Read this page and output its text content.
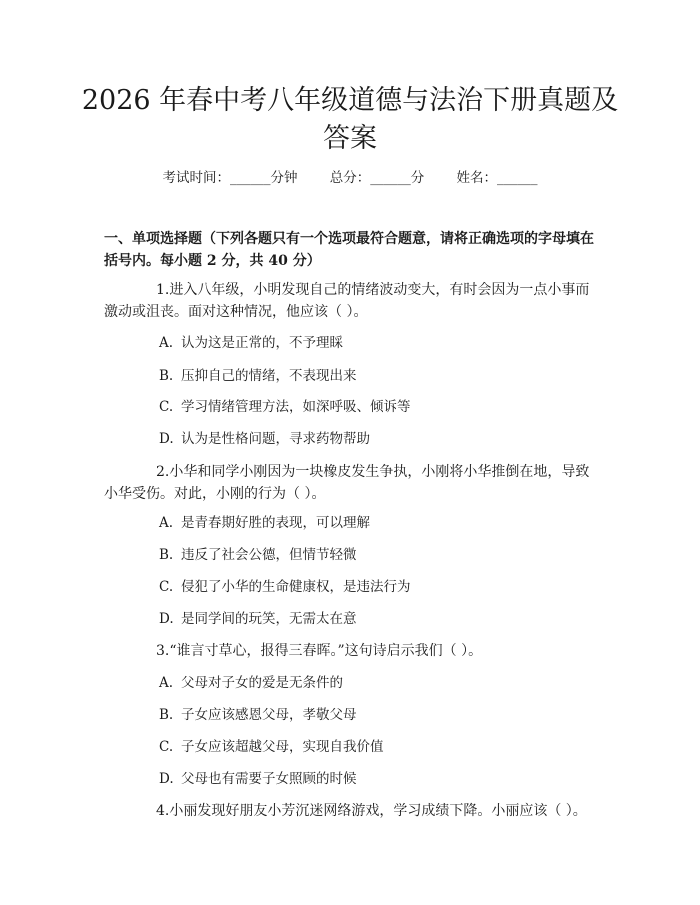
2026 年春中考八年级道德与法治下册真题及
答案
考试时间：______分钟 总分：______分 姓名：______

一、单项选择题（下列各题只有一个选项最符合题意，请将正确选项的字母填在括号内。每小题 2 分，共 40 分）

1.进入八年级，小明发现自己的情绪波动变大，有时会因为一点小事而激动或沮丧。面对这种情况，他应该（ ）。

A. 认为这是正常的，不予理睬
B. 压抑自己的情绪，不表现出来
C. 学习情绪管理方法，如深呼吸、倾诉等
D. 认为是性格问题，寻求药物帮助

2.小华和同学小刚因为一块橡皮发生争执，小刚将小华推倒在地，导致小华受伤。对此，小刚的行为（ ）。

A. 是青春期好胜的表现，可以理解
B. 违反了社会公德，但情节轻微
C. 侵犯了小华的生命健康权，是违法行为
D. 是同学间的玩笑，无需太在意

3.“谁言寸草心，报得三春晖。”这句诗启示我们（ ）。

A. 父母对子女的爱是无条件的
B. 子女应该感恩父母，孝敬父母
C. 子女应该超越父母，实现自我价值
D. 父母也有需要子女照顾的时候

4.小丽发现好朋友小芳沉迷网络游戏，学习成绩下降。小丽应该（ ）。
